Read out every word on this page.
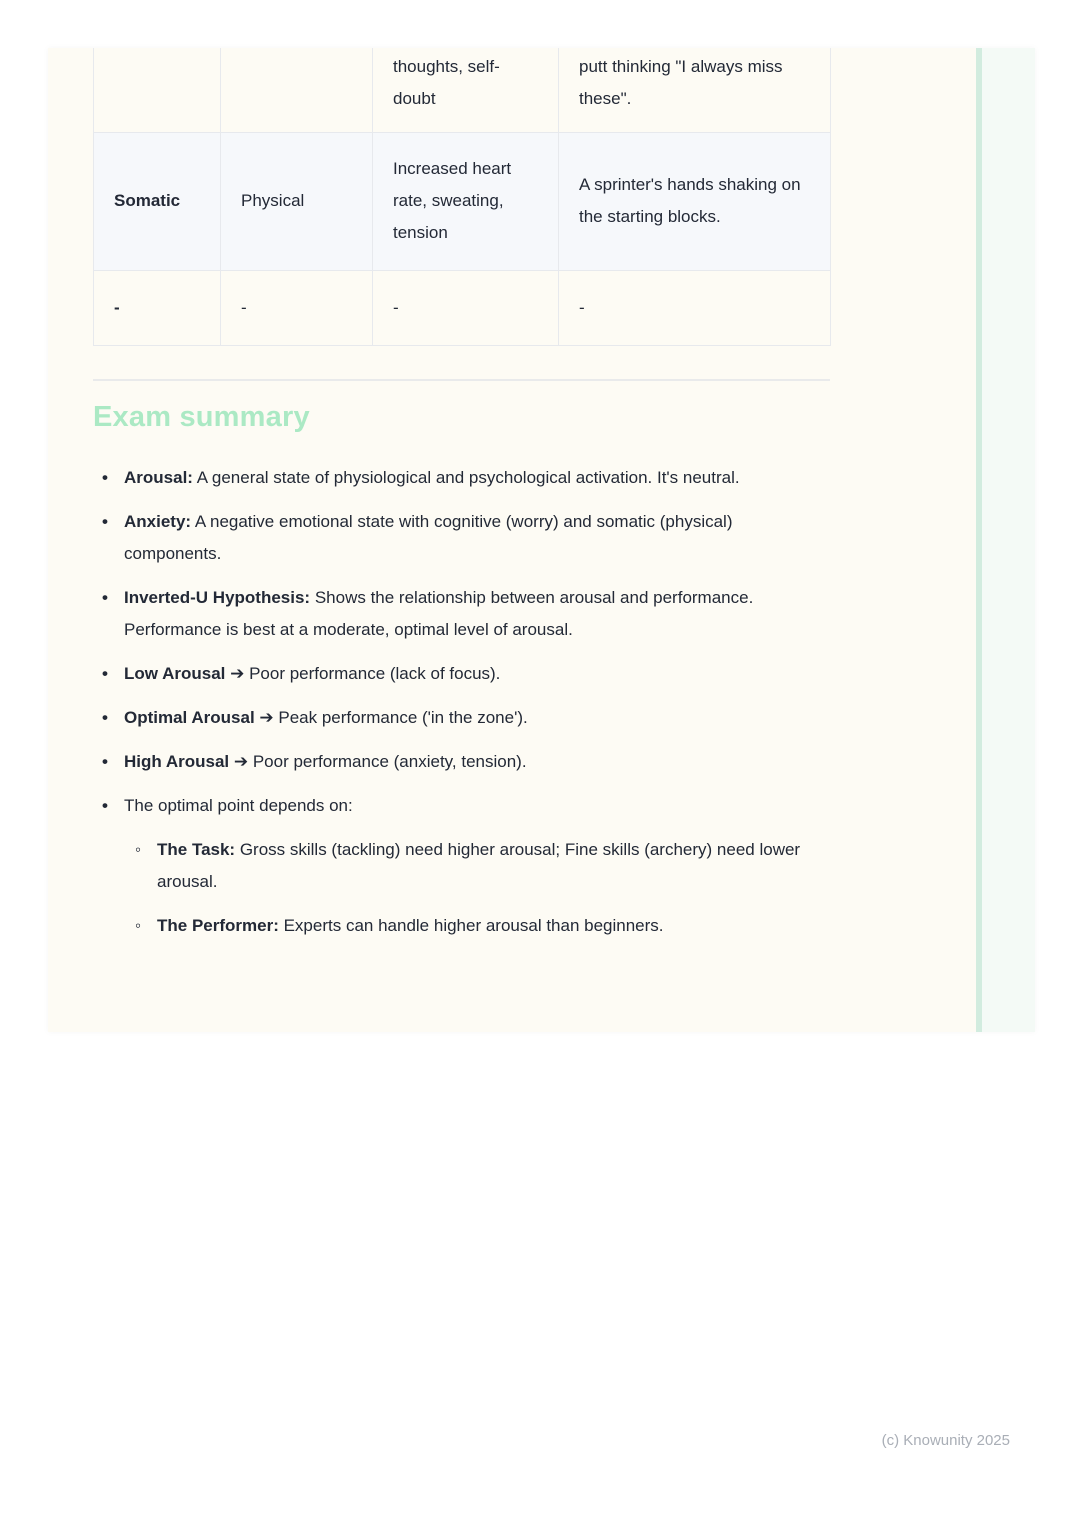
		thoughts, self-doubt	putt thinking "I always miss these".
Somatic	Physical	Increased heart rate, sweating, tension	A sprinter's hands shaking on the starting blocks.
-	-	-	-
Exam summary
• Arousal: A general state of physiological and psychological activation. It's neutral.
• Anxiety: A negative emotional state with cognitive (worry) and somatic (physical) components.
• Inverted-U Hypothesis: Shows the relationship between arousal and performance. Performance is best at a moderate, optimal level of arousal.
• Low Arousal ➔ Poor performance (lack of focus).
• Optimal Arousal ➔ Peak performance ('in the zone').
• High Arousal ➔ Poor performance (anxiety, tension).
• The optimal point depends on:
◦ The Task: Gross skills (tackling) need higher arousal; Fine skills (archery) need lower arousal.
◦ The Performer: Experts can handle higher arousal than beginners.
(c) Knowunity 2025
